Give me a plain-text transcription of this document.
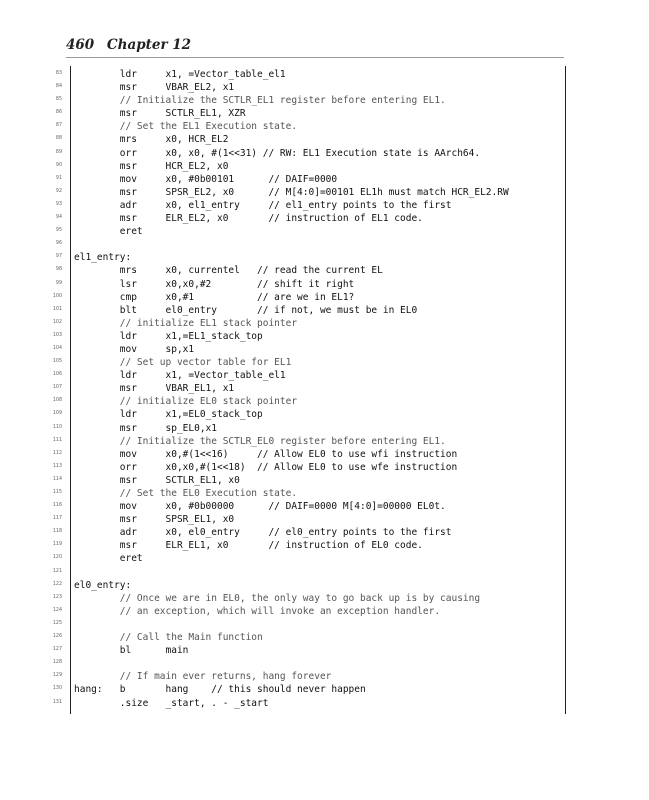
460 Chapter 12
83 ldr     x1, =Vector_table_el1
84 msr     VBAR_EL2, x1
85 // Initialize the SCTLR_EL1 register before entering EL1.
86 msr     SCTLR_EL1, XZR
87 // Set the EL1 Execution state.
88 mrs     x0, HCR_EL2
89 orr     x0, x0, #(1<<31) // RW: EL1 Execution state is AArch64.
90 msr     HCR_EL2, x0
91 mov     x0, #0b00101      // DAIF=0000
92 msr     SPSR_EL2, x0      // M[4:0]=00101 EL1h must match HCR_EL2.RW
93 adr     x0, el1_entry     // el1_entry points to the first
94 msr     ELR_EL2, x0       // instruction of EL1 code.
95 eret
96
97 el1_entry:
98 mrs     x0, currentel   // read the current EL
99 lsr     x0,x0,#2        // shift it right
100 cmp     x0,#1           // are we in EL1?
101 blt     el0_entry       // if not, we must be in EL0
102 // initialize EL1 stack pointer
103 ldr     x1,=EL1_stack_top
104 mov     sp,x1
105 // Set up vector table for EL1
106 ldr     x1, =Vector_table_el1
107 msr     VBAR_EL1, x1
108 // initialize EL0 stack pointer
109 ldr     x1,=EL0_stack_top
110 msr     sp_EL0,x1
111 // Initialize the SCTLR_EL0 register before entering EL1.
112 mov     x0,#(1<<16)     // Allow EL0 to use wfi instruction
113 orr     x0,x0,#(1<<18)  // Allow EL0 to use wfe instruction
114 msr     SCTLR_EL1, x0
115 // Set the EL0 Execution state.
116 mov     x0, #0b00000      // DAIF=0000 M[4:0]=00000 EL0t.
117 msr     SPSR_EL1, x0
118 adr     x0, el0_entry     // el0_entry points to the first
119 msr     ELR_EL1, x0       // instruction of EL0 code.
120 eret
121
122 el0_entry:
123 // Once we are in EL0, the only way to go back up is by causing
124 // an exception, which will invoke an exception handler.
125
126 // Call the Main function
127 bl      main
128
129 // If main ever returns, hang forever
130 hang:   b       hang    // this should never happen
131 .size   _start, . - _start
